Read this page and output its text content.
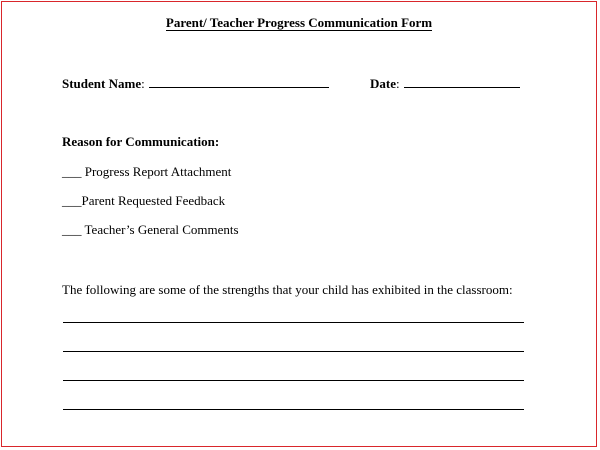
Parent/ Teacher Progress Communication Form
Student Name:	Date:
Reason for Communication:
___ Progress Report Attachment
___Parent Requested Feedback
___ Teacher’s General Comments
The following are some of the strengths that your child has exhibited in the classroom:
